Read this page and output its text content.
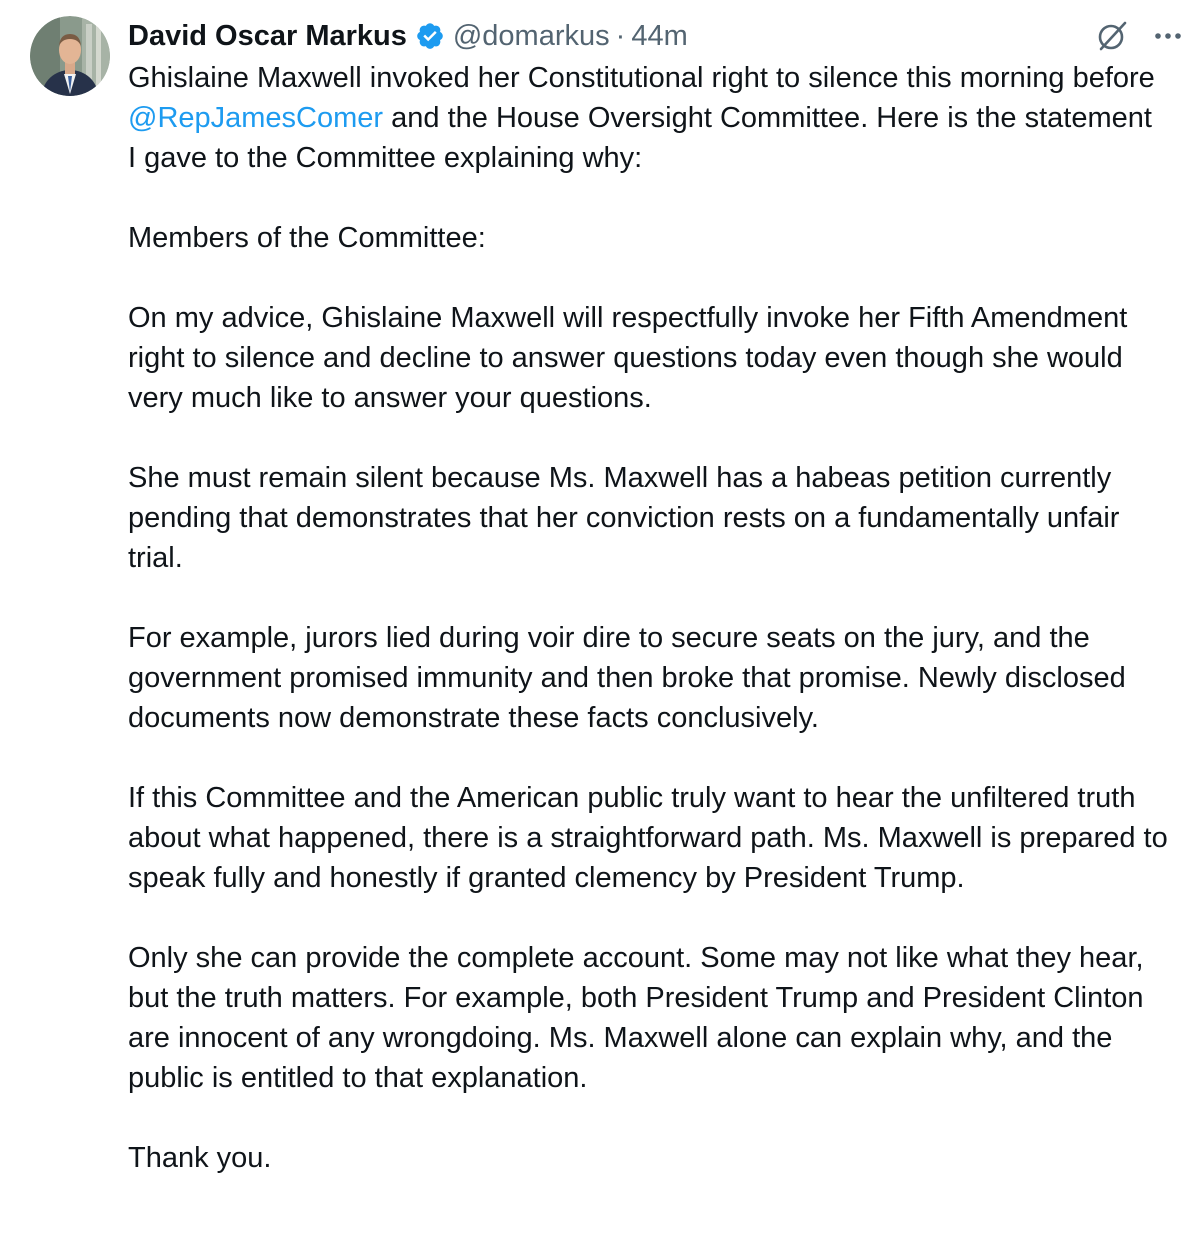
David Oscar Markus @domarkus · 44m

Ghislaine Maxwell invoked her Constitutional right to silence this morning before @RepJamesComer and the House Oversight Committee. Here is the statement I gave to the Committee explaining why:

Members of the Committee:

On my advice, Ghislaine Maxwell will respectfully invoke her Fifth Amendment right to silence and decline to answer questions today even though she would very much like to answer your questions.

She must remain silent because Ms. Maxwell has a habeas petition currently pending that demonstrates that her conviction rests on a fundamentally unfair trial.

For example, jurors lied during voir dire to secure seats on the jury, and the government promised immunity and then broke that promise. Newly disclosed documents now demonstrate these facts conclusively.

If this Committee and the American public truly want to hear the unfiltered truth about what happened, there is a straightforward path. Ms. Maxwell is prepared to speak fully and honestly if granted clemency by President Trump.

Only she can provide the complete account. Some may not like what they hear, but the truth matters. For example, both President Trump and President Clinton are innocent of any wrongdoing. Ms. Maxwell alone can explain why, and the public is entitled to that explanation.

Thank you.
